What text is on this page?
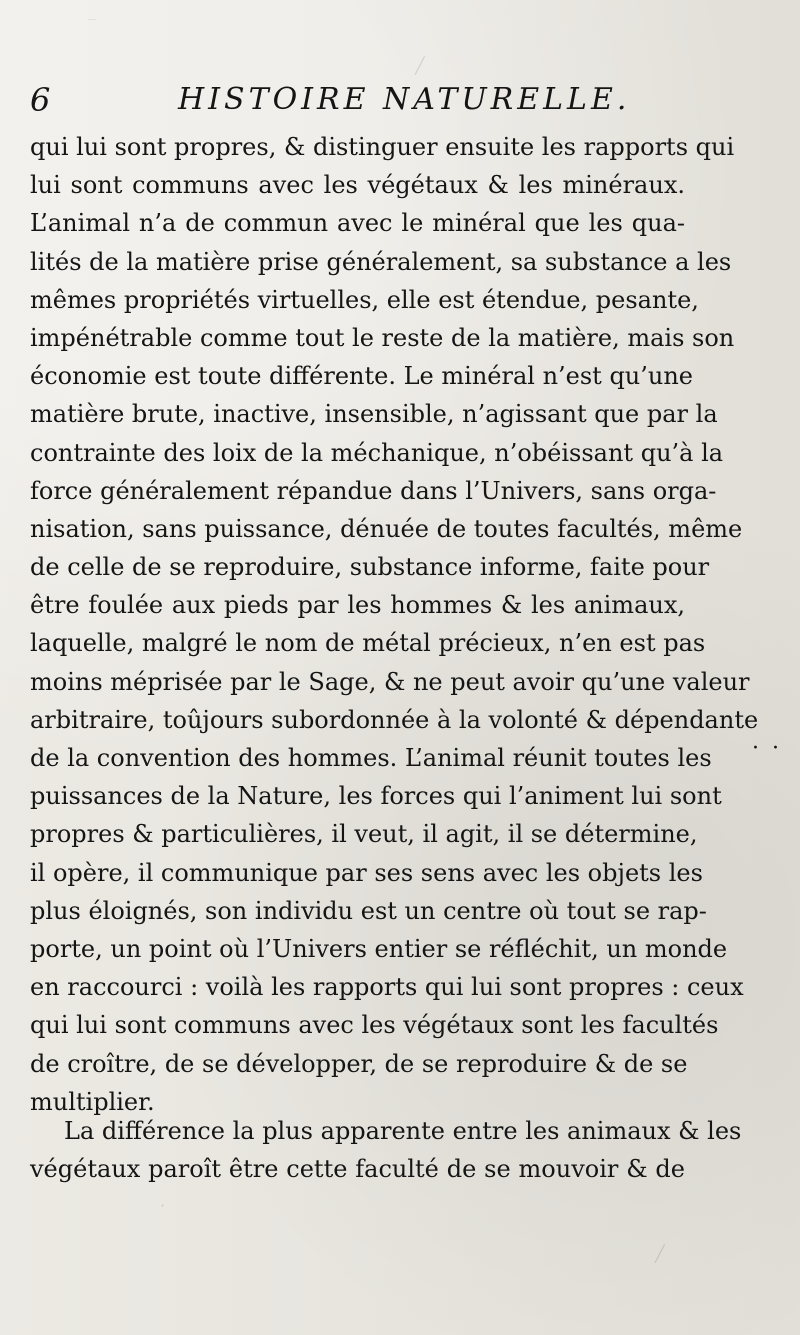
‾
╱
·
╱
6	HISTOIRE NATURELLE.
qui lui sont propres, & distinguer ensuite les rapports qui
lui sont communs avec les végétaux & les minéraux.
L’animal n’a de commun avec le minéral que les qua-
lités de la matière prise généralement, sa substance a les
mêmes propriétés virtuelles, elle est étendue, pesante,
impénétrable comme tout le reste de la matière, mais son
économie est toute différente. Le minéral n’est qu’une
matière brute, inactive, insensible, n’agissant que par la
contrainte des loix de la méchanique, n’obéissant qu’à la
force généralement répandue dans l’Univers, sans orga-
nisation, sans puissance, dénuée de toutes facultés, même
de celle de se reproduire, substance informe, faite pour
être foulée aux pieds par les hommes & les animaux,
laquelle, malgré le nom de métal précieux, n’en est pas
moins méprisée par le Sage, & ne peut avoir qu’une valeur
arbitraire, toûjours subordonnée à la volonté & dépendante
de la convention des hommes. L’animal réunit toutes les
puissances de la Nature, les forces qui l’animent lui sont
propres & particulières, il veut, il agit, il se détermine,
il opère, il communique par ses sens avec les objets les
plus éloignés, son individu est un centre où tout se rap-
porte, un point où l’Univers entier se réfléchit, un monde
en raccourci : voilà les rapports qui lui sont propres : ceux
qui lui sont communs avec les végétaux sont les facultés
de croître, de se développer, de se reproduire & de se
multiplier.
La différence la plus apparente entre les animaux & les
végétaux paroît être cette faculté de se mouvoir & de
· ·
